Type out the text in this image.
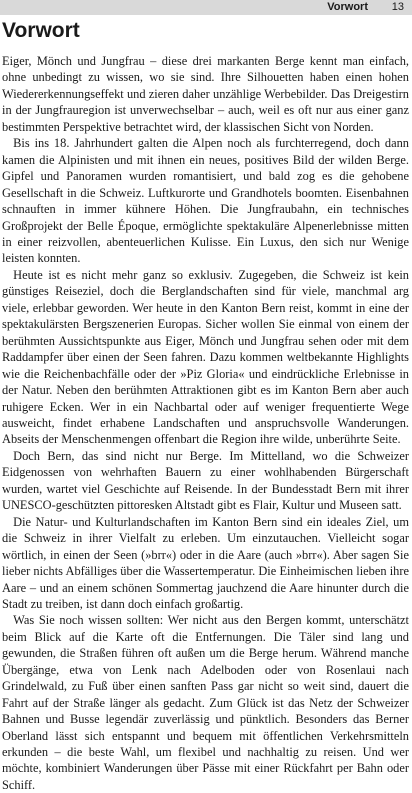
Vorwort 13
Vorwort

Eiger, Mönch und Jungfrau – diese drei markanten Berge kennt man einfach, ohne unbedingt zu wissen, wo sie sind. Ihre Silhouetten haben einen hohen Wiedererkennungseffekt und zieren daher unzählige Werbebilder. Das Dreigestirn in der Jungfrauregion ist unverwechselbar – auch, weil es oft nur aus einer ganz bestimmten Perspektive betrachtet wird, der klassischen Sicht von Norden.

Bis ins 18. Jahrhundert galten die Alpen noch als furchterregend, doch dann kamen die Alpinisten und mit ihnen ein neues, positives Bild der wilden Berge. Gipfel und Panoramen wurden romantisiert, und bald zog es die gehobene Gesellschaft in die Schweiz. Luftkurorte und Grandhotels boomten. Eisenbahnen schnauften in immer kühnere Höhen. Die Jungfraubahn, ein technisches Großprojekt der Belle Époque, ermöglichte spektakuläre Alpenerlebnisse mitten in einer reizvollen, abenteuerlichen Kulisse. Ein Luxus, den sich nur Wenige leisten konnten.

Heute ist es nicht mehr ganz so exklusiv. Zugegeben, die Schweiz ist kein günstiges Reiseziel, doch die Berglandschaften sind für viele, manchmal arg viele, erlebbar geworden. Wer heute in den Kanton Bern reist, kommt in eine der spektakulärsten Bergszenerien Europas. Sicher wollen Sie einmal von einem der berühmten Aussichtspunkte aus Eiger, Mönch und Jungfrau sehen oder mit dem Raddampfer über einen der Seen fahren. Dazu kommen weltbekannte Highlights wie die Reichenbachfälle oder der »Piz Gloria« und eindrückliche Erlebnisse in der Natur. Neben den berühmten Attraktionen gibt es im Kanton Bern aber auch ruhigere Ecken. Wer in ein Nachbartal oder auf weniger frequentierte Wege ausweicht, findet erhabene Landschaften und anspruchsvolle Wanderungen. Abseits der Menschenmengen offenbart die Region ihre wilde, unberührte Seite.

Doch Bern, das sind nicht nur Berge. Im Mittelland, wo die Schweizer Eidgenossen von wehrhaften Bauern zu einer wohlhabenden Bürgerschaft wurden, wartet viel Geschichte auf Reisende. In der Bundesstadt Bern mit ihrer UNESCO-geschützten pittoresken Altstadt gibt es Flair, Kultur und Museen satt.

Die Natur- und Kulturlandschaften im Kanton Bern sind ein ideales Ziel, um die Schweiz in ihrer Vielfalt zu erleben. Um einzutauchen. Vielleicht sogar wörtlich, in einen der Seen (»brr«) oder in die Aare (auch »brr«). Aber sagen Sie lieber nichts Abfälliges über die Wassertemperatur. Die Einheimischen lieben ihre Aare – und an einem schönen Sommertag jauchzend die Aare hinunter durch die Stadt zu treiben, ist dann doch einfach großartig.

Was Sie noch wissen sollten: Wer nicht aus den Bergen kommt, unterschätzt beim Blick auf die Karte oft die Entfernungen. Die Täler sind lang und gewunden, die Straßen führen oft außen um die Berge herum. Während manche Übergänge, etwa von Lenk nach Adelboden oder von Rosenlaui nach Grindelwald, zu Fuß über einen sanften Pass gar nicht so weit sind, dauert die Fahrt auf der Straße länger als gedacht. Zum Glück ist das Netz der Schweizer Bahnen und Busse legendär zuverlässig und pünktlich. Besonders das Berner Oberland lässt sich entspannt und bequem mit öffentlichen Verkehrsmitteln erkunden – die beste Wahl, um flexibel und nachhaltig zu reisen. Und wer möchte, kombiniert Wanderungen über Pässe mit einer Rückfahrt per Bahn oder Schiff.
